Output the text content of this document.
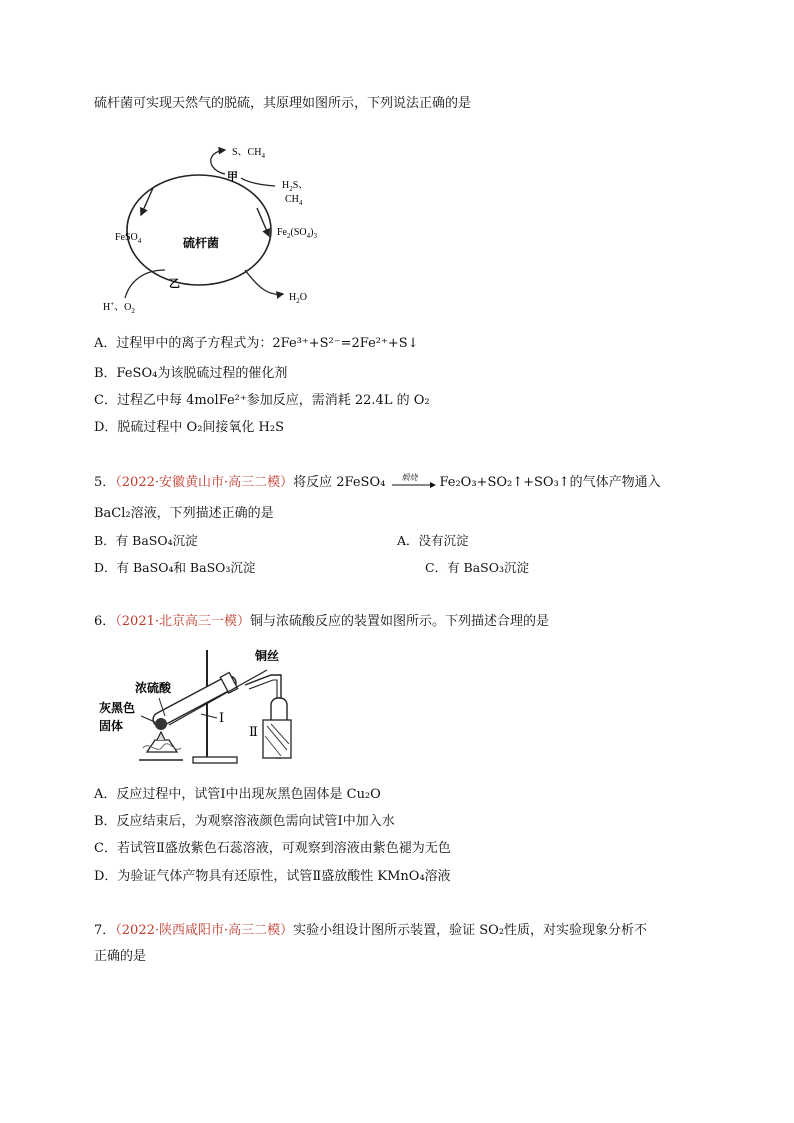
硫杆菌可实现天然气的脱硫，其原理如图所示，下列说法正确的是
S、$CH_4$
甲
$H_2S$、
$CH_4$
FeSO$_4$
$Fe_2(SO_4)_3$
硫杆菌
乙
H+、$O_2$
$H_2O$
A．过程甲中的离子方程式为：2Fe³⁺+S²⁻=2Fe²⁺+S↓
B．FeSO₄为该脱硫过程的催化剂
C．过程乙中每 4molFe²⁺参加反应，需消耗 22.4L 的 O₂
D．脱硫过程中 O₂间接氧化 H₂S
5．（2022·安徽黄山市·高三二模）将反应 2FeSO₄ 煅烧 Fe₂O₃+SO₂↑+SO₃↑的气体产物通入
BaCl₂溶液，下列描述正确的是
B．有 BaSO₄沉淀	A．没有沉淀
D．有 BaSO₄和 BaSO₃沉淀	C．有 BaSO₃沉淀
6．（2021·北京高三一模）铜与浓硫酸反应的装置如图所示。下列描述合理的是
铜丝
浓硫酸
灰黑色
固体
Ⅰ
Ⅱ
A．反应过程中，试管Ⅰ中出现灰黑色固体是 Cu₂O
B．反应结束后，为观察溶液颜色需向试管Ⅰ中加入水
C．若试管Ⅱ盛放紫色石蕊溶液，可观察到溶液由紫色褪为无色
D．为验证气体产物具有还原性，试管Ⅱ盛放酸性 KMnO₄溶液
7．（2022·陕西咸阳市·高三二模）实验小组设计图所示装置，验证 SO₂性质，对实验现象分析不
正确的是
